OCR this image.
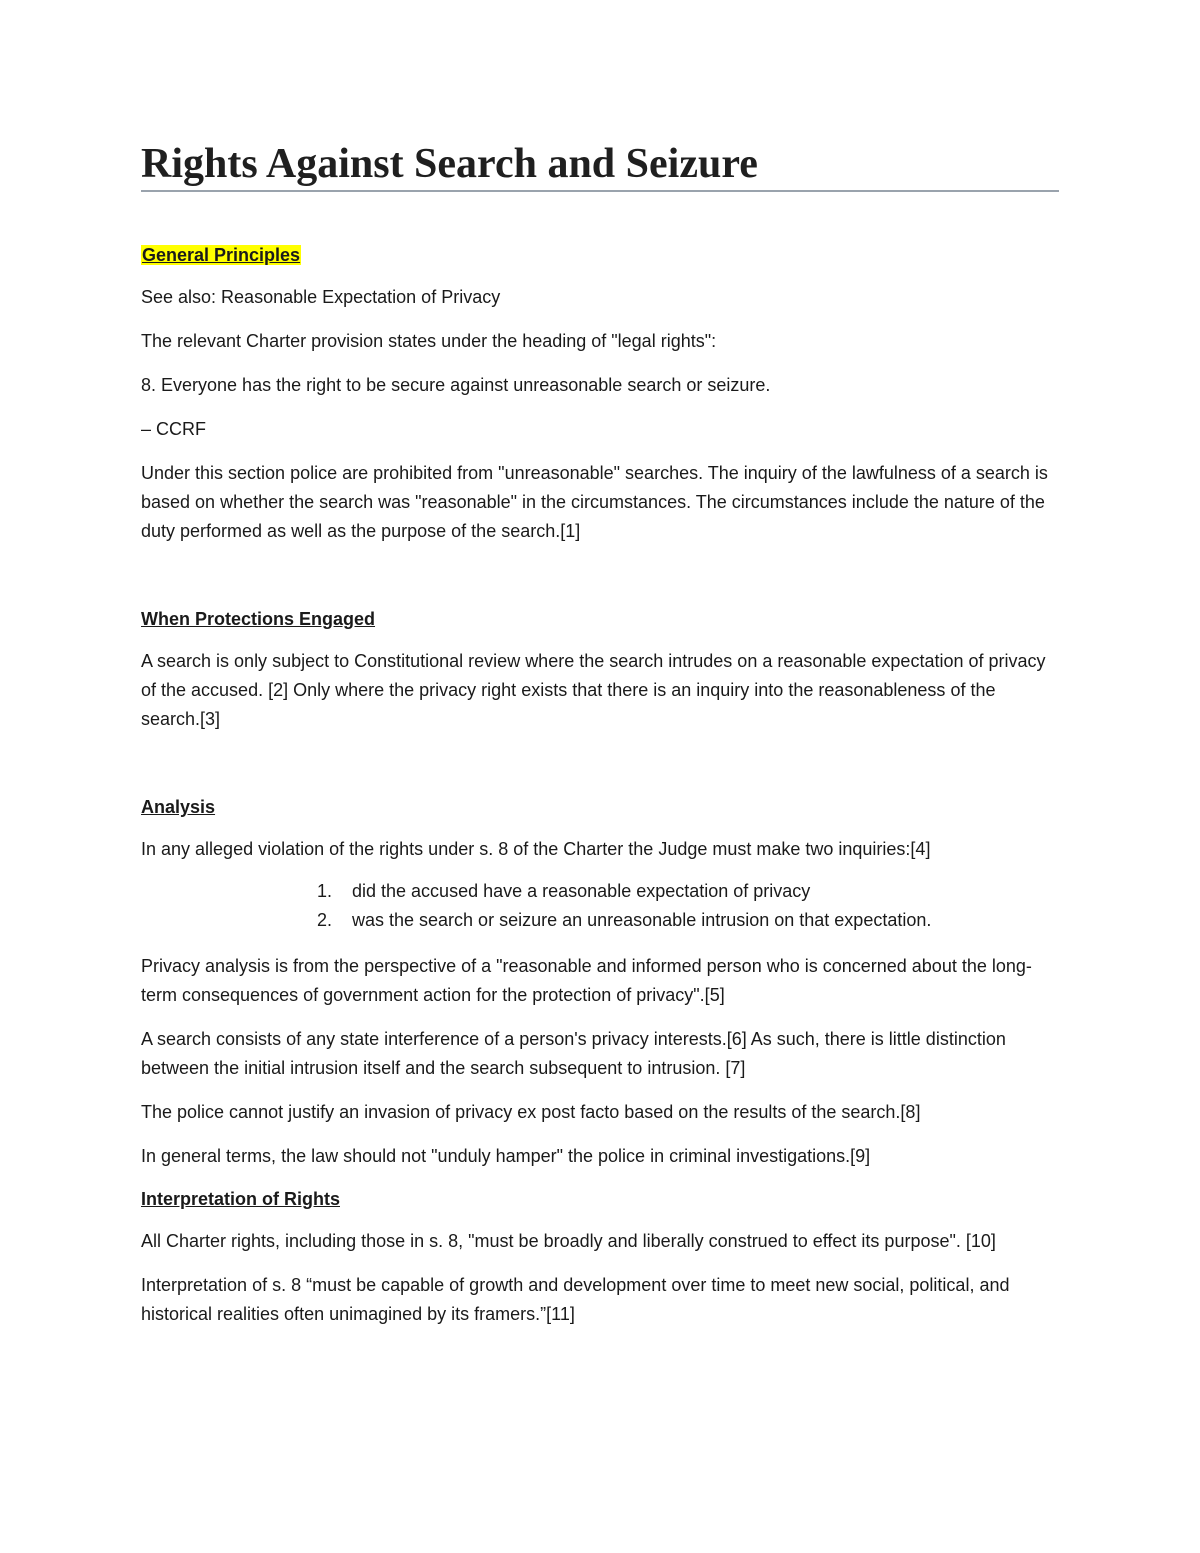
Rights Against Search and Seizure
General Principles

See also: Reasonable Expectation of Privacy

The relevant Charter provision states under the heading of "legal rights":

8. Everyone has the right to be secure against unreasonable search or seizure.

– CCRF

Under this section police are prohibited from "unreasonable" searches. The inquiry of the lawfulness of a search is based on whether the search was "reasonable" in the circumstances. The circumstances include the nature of the duty performed as well as the purpose of the search.[1]

When Protections Engaged

A search is only subject to Constitutional review where the search intrudes on a reasonable expectation of privacy of the accused. [2] Only where the privacy right exists that there is an inquiry into the reasonableness of the search.[3]

Analysis

In any alleged violation of the rights under s. 8 of the Charter the Judge must make two inquiries:[4]

1. did the accused have a reasonable expectation of privacy
2. was the search or seizure an unreasonable intrusion on that expectation.

Privacy analysis is from the perspective of a "reasonable and informed person who is concerned about the long-term consequences of government action for the protection of privacy".[5]

A search consists of any state interference of a person's privacy interests.[6] As such, there is little distinction between the initial intrusion itself and the search subsequent to intrusion. [7]

The police cannot justify an invasion of privacy ex post facto based on the results of the search.[8]

In general terms, the law should not "unduly hamper" the police in criminal investigations.[9]

Interpretation of Rights

All Charter rights, including those in s. 8, "must be broadly and liberally construed to effect its purpose". [10]

Interpretation of s. 8 “must be capable of growth and development over time to meet new social, political, and historical realities often unimagined by its framers.”[11]
